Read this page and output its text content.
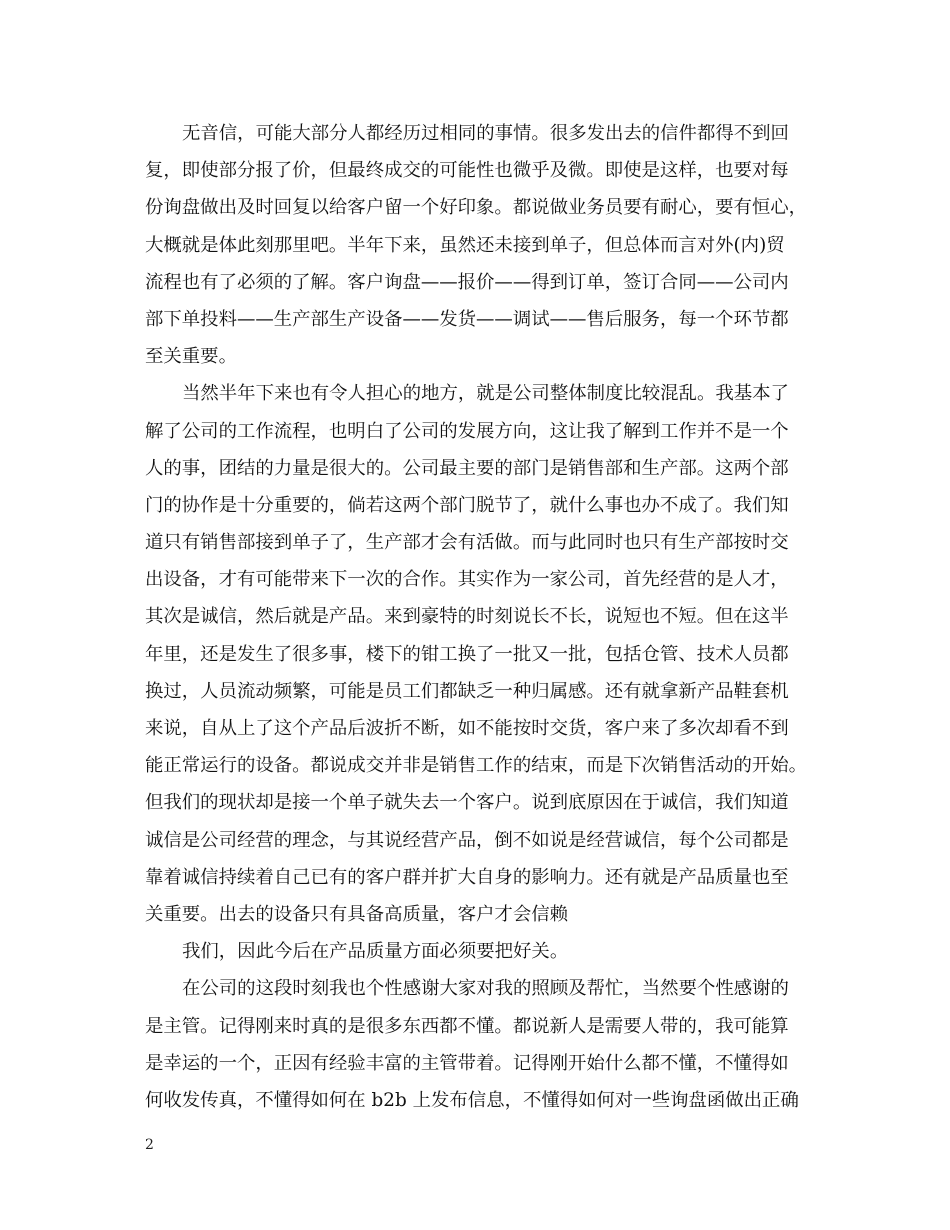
无音信，可能大部分人都经历过相同的事情。很多发出去的信件都得不到回
复，即使部分报了价，但最终成交的可能性也微乎及微。即使是这样，也要对每
份询盘做出及时回复以给客户留一个好印象。都说做业务员要有耐心，要有恒心，
大概就是体此刻那里吧。半年下来，虽然还未接到单子，但总体而言对外(内)贸
流程也有了必须的了解。客户询盘——报价——得到订单，签订合同——公司内
部下单投料——生产部生产设备——发货——调试——售后服务，每一个环节都
至关重要。
当然半年下来也有令人担心的地方，就是公司整体制度比较混乱。我基本了
解了公司的工作流程，也明白了公司的发展方向，这让我了解到工作并不是一个
人的事，团结的力量是很大的。公司最主要的部门是销售部和生产部。这两个部
门的协作是十分重要的，倘若这两个部门脱节了，就什么事也办不成了。我们知
道只有销售部接到单子了，生产部才会有活做。而与此同时也只有生产部按时交
出设备，才有可能带来下一次的合作。其实作为一家公司，首先经营的是人才，
其次是诚信，然后就是产品。来到豪特的时刻说长不长，说短也不短。但在这半
年里，还是发生了很多事，楼下的钳工换了一批又一批，包括仓管、技术人员都
换过，人员流动频繁，可能是员工们都缺乏一种归属感。还有就拿新产品鞋套机
来说，自从上了这个产品后波折不断，如不能按时交货，客户来了多次却看不到
能正常运行的设备。都说成交并非是销售工作的结束，而是下次销售活动的开始。
但我们的现状却是接一个单子就失去一个客户。说到底原因在于诚信，我们知道
诚信是公司经营的理念，与其说经营产品，倒不如说是经营诚信，每个公司都是
靠着诚信持续着自己已有的客户群并扩大自身的影响力。还有就是产品质量也至
关重要。出去的设备只有具备高质量，客户才会信赖
我们，因此今后在产品质量方面必须要把好关。
在公司的这段时刻我也个性感谢大家对我的照顾及帮忙，当然要个性感谢的
是主管。记得刚来时真的是很多东西都不懂。都说新人是需要人带的，我可能算
是幸运的一个，正因有经验丰富的主管带着。记得刚开始什么都不懂，不懂得如
何收发传真，不懂得如何在 b2b 上发布信息，不懂得如何对一些询盘函做出正确
2
